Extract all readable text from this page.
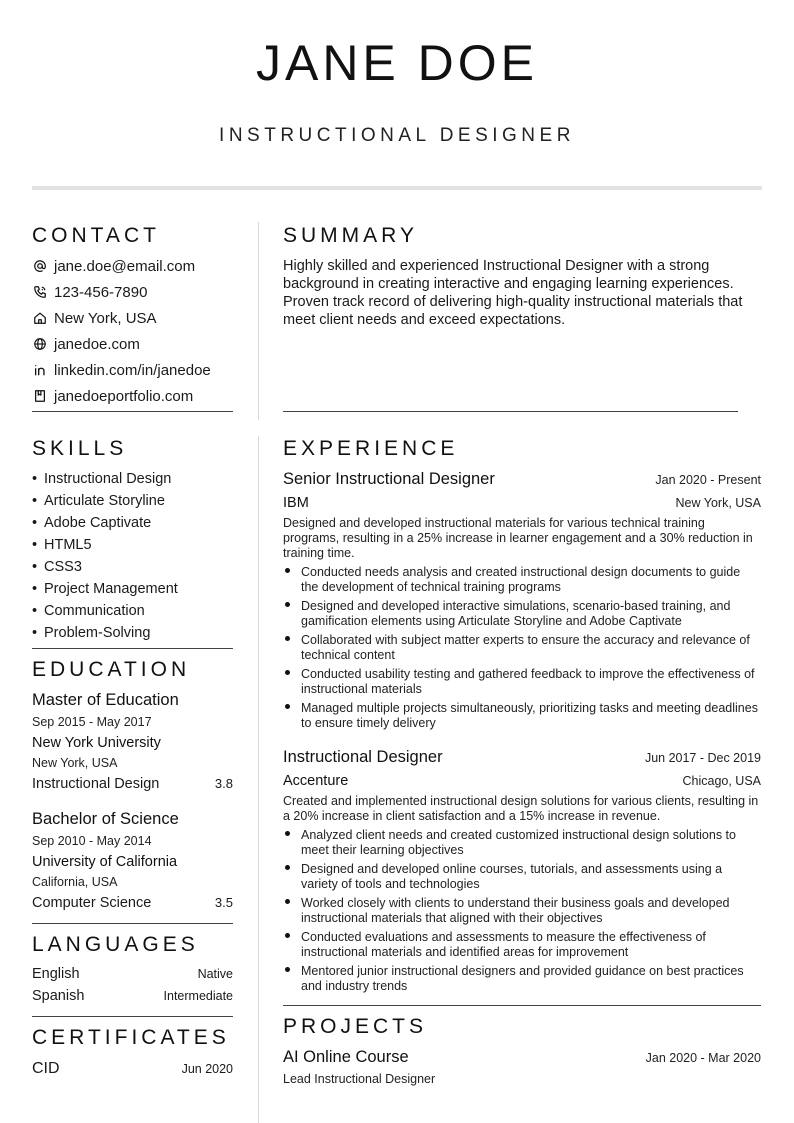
JANE DOE
INSTRUCTIONAL DESIGNER
CONTACT
jane.doe@email.com
123-456-7890
New York, USA
janedoe.com
linkedin.com/in/janedoe
janedoeportfolio.com
SUMMARY
Highly skilled and experienced Instructional Designer with a strong background in creating interactive and engaging learning experiences. Proven track record of delivering high-quality instructional materials that meet client needs and exceed expectations.
SKILLS
• Instructional Design
• Articulate Storyline
• Adobe Captivate
• HTML5
• CSS3
• Project Management
• Communication
• Problem-Solving
EDUCATION
Master of Education
Sep 2015 - May 2017
New York University
New York, USA
Instructional Design	3.8
Bachelor of Science
Sep 2010 - May 2014
University of California
California, USA
Computer Science	3.5
LANGUAGES
English	Native
Spanish	Intermediate
CERTIFICATES
CID	Jun 2020
EXPERIENCE
Senior Instructional Designer	Jan 2020 - Present
IBM	New York, USA
Designed and developed instructional materials for various technical training programs, resulting in a 25% increase in learner engagement and a 30% reduction in training time.
Conducted needs analysis and created instructional design documents to guide the development of technical training programs
Designed and developed interactive simulations, scenario-based training, and gamification elements using Articulate Storyline and Adobe Captivate
Collaborated with subject matter experts to ensure the accuracy and relevance of technical content
Conducted usability testing and gathered feedback to improve the effectiveness of instructional materials
Managed multiple projects simultaneously, prioritizing tasks and meeting deadlines to ensure timely delivery
Instructional Designer	Jun 2017 - Dec 2019
Accenture	Chicago, USA
Created and implemented instructional design solutions for various clients, resulting in a 20% increase in client satisfaction and a 15% increase in revenue.
Analyzed client needs and created customized instructional design solutions to meet their learning objectives
Designed and developed online courses, tutorials, and assessments using a variety of tools and technologies
Worked closely with clients to understand their business goals and developed instructional materials that aligned with their objectives
Conducted evaluations and assessments to measure the effectiveness of instructional materials and identified areas for improvement
Mentored junior instructional designers and provided guidance on best practices and industry trends
PROJECTS
AI Online Course	Jan 2020 - Mar 2020
Lead Instructional Designer
